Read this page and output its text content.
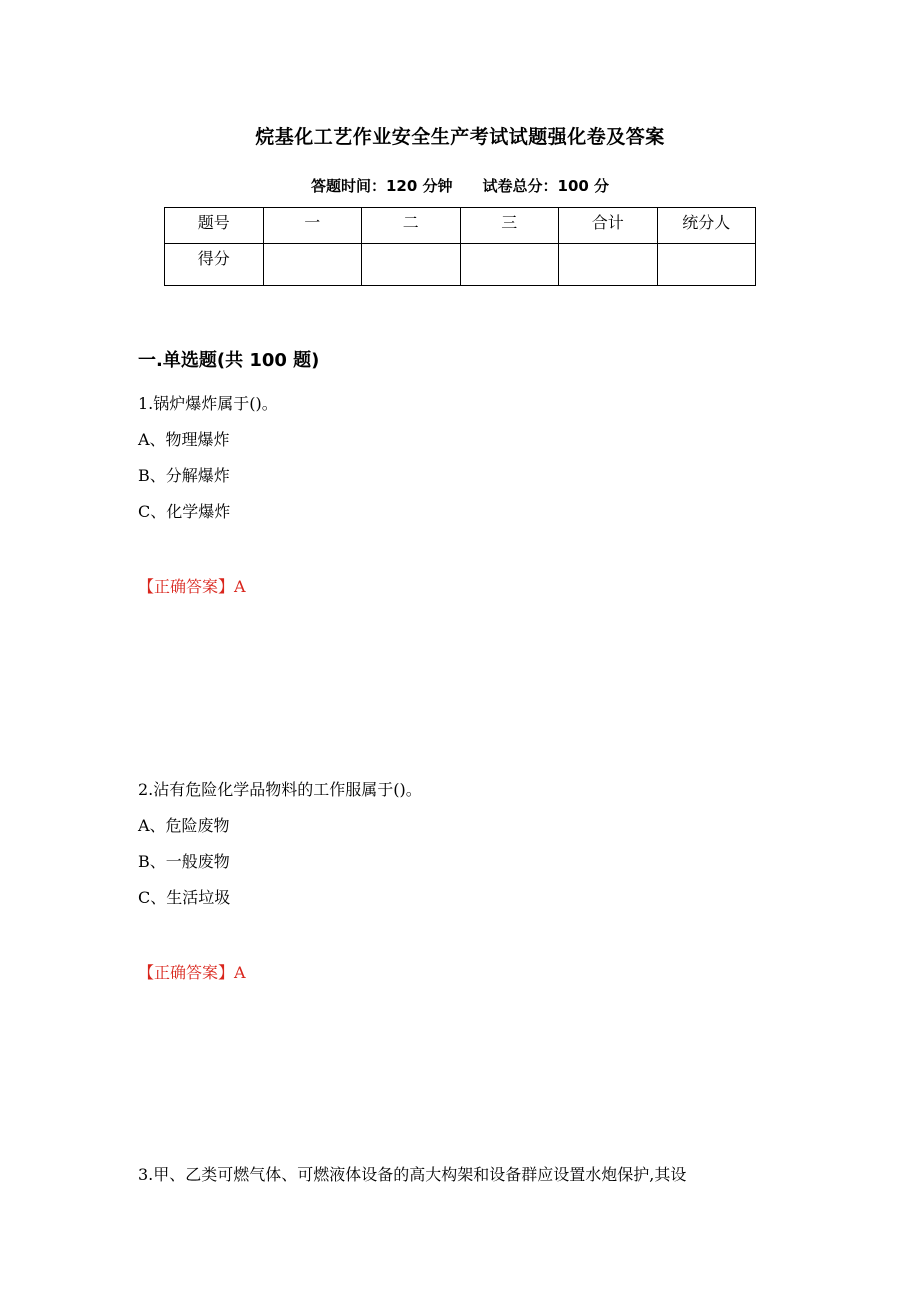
烷基化工艺作业安全生产考试试题强化卷及答案
答题时间：120 分钟 试卷总分：100 分
题号	一	二	三	合计	统分人
得分					
一.单选题(共 100 题)
1.锅炉爆炸属于()。
A、物理爆炸
B、分解爆炸
C、化学爆炸
【正确答案】A
2.沾有危险化学品物料的工作服属于()。
A、危险废物
B、一般废物
C、生活垃圾
【正确答案】A
3.甲、乙类可燃气体、可燃液体设备的高大构架和设备群应设置水炮保护,其设
